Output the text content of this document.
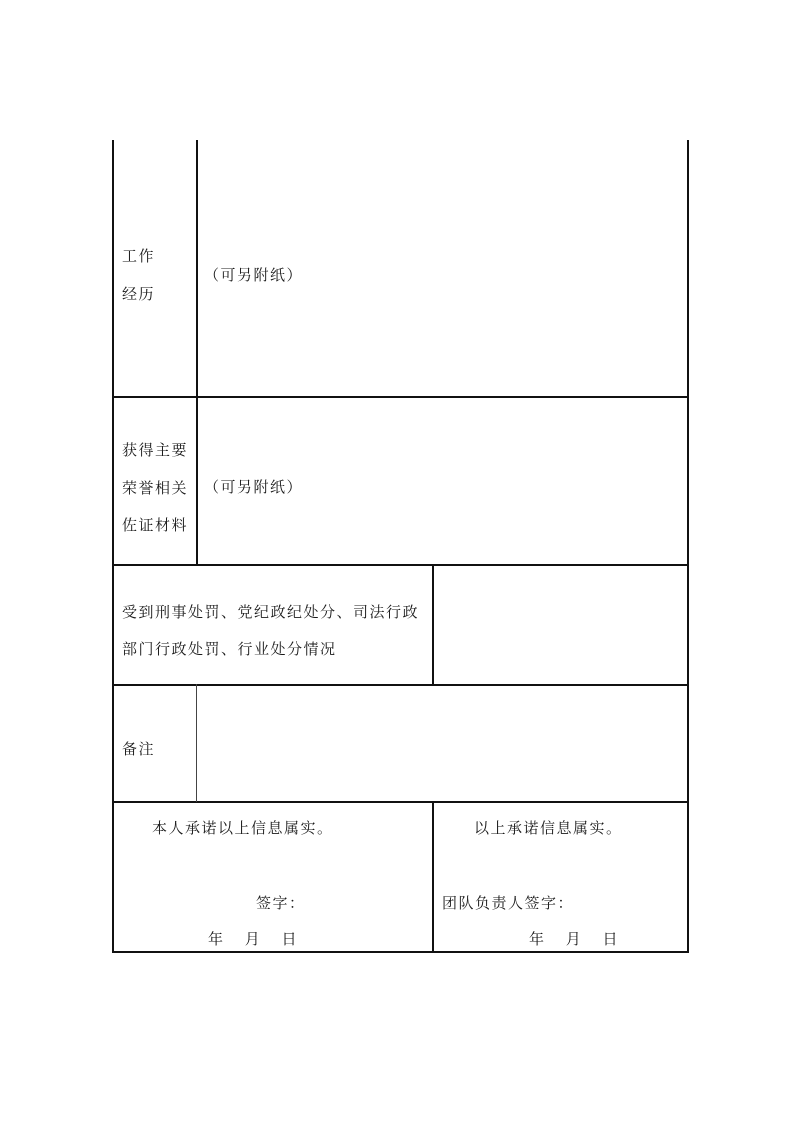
工作
经历
（可另附纸）
获得主要
荣誉相关
佐证材料
（可另附纸）
受到刑事处罚、党纪政纪处分、司法行政
部门行政处罚、行业处分情况
备注
本人承诺以上信息属实。
签字：
年 月 日
以上承诺信息属实。
团队负责人签字：
年 月 日
